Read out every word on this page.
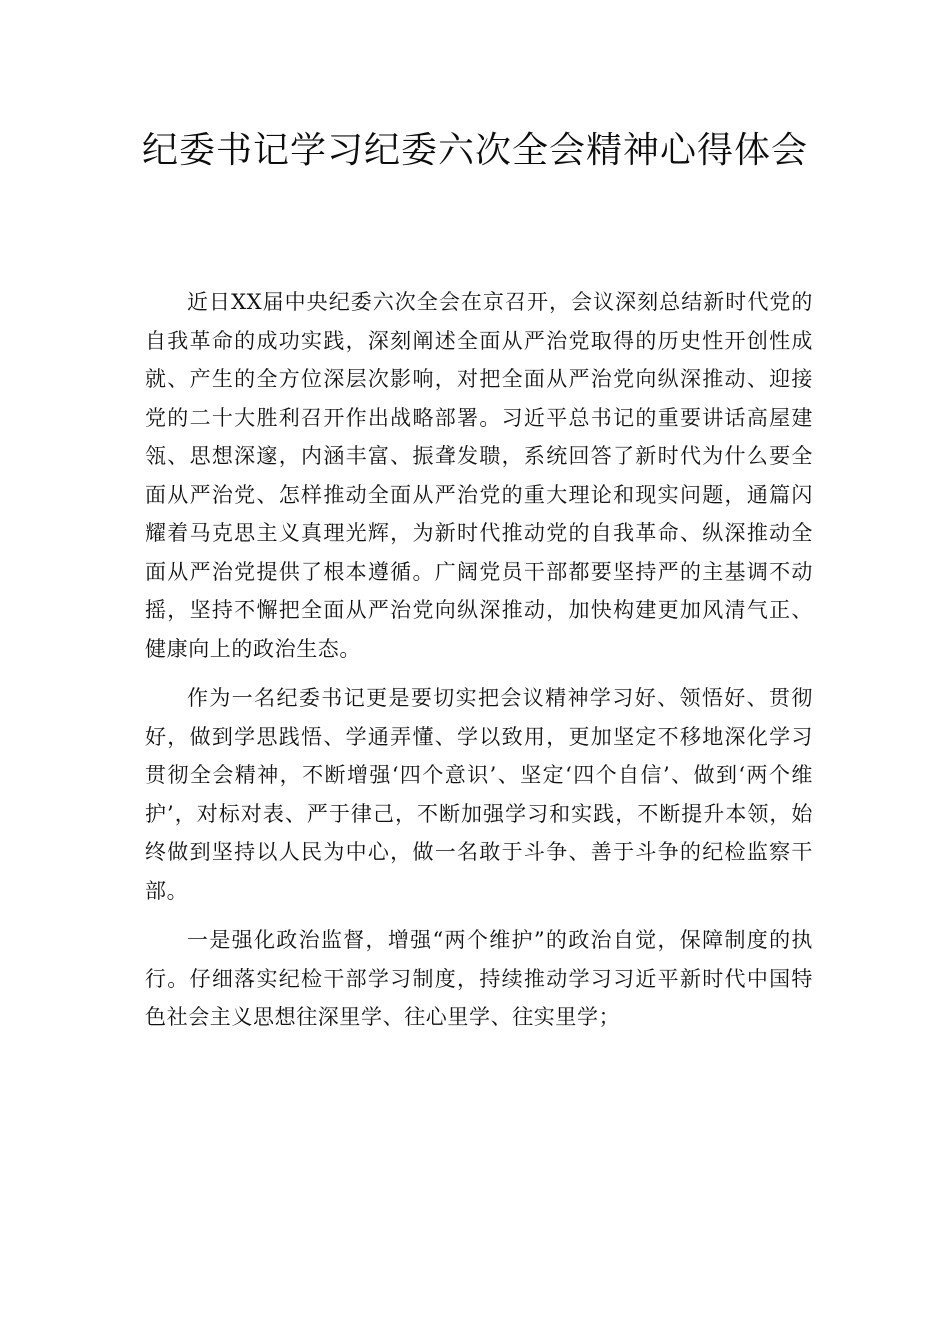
纪委书记学习纪委六次全会精神心得体会

近日XX届中央纪委六次全会在京召开，会议深刻总结新时代党的自我革命的成功实践，深刻阐述全面从严治党取得的历史性开创性成就、产生的全方位深层次影响，对把全面从严治党向纵深推动、迎接党的二十大胜利召开作出战略部署。习近平总书记的重要讲话高屋建瓴、思想深邃，内涵丰富、振聋发聩，系统回答了新时代为什么要全面从严治党、怎样推动全面从严治党的重大理论和现实问题，通篇闪耀着马克思主义真理光辉，为新时代推动党的自我革命、纵深推动全面从严治党提供了根本遵循。广阔党员干部都要坚持严的主基调不动摇，坚持不懈把全面从严治党向纵深推动，加快构建更加风清气正、健康向上的政治生态。

作为一名纪委书记更是要切实把会议精神学习好、领悟好、贯彻好，做到学思践悟、学通弄懂、学以致用，更加坚定不移地深化学习贯彻全会精神，不断增强‘四个意识’、坚定‘四个自信’、做到‘两个维护’，对标对表、严于律己，不断加强学习和实践，不断提升本领，始终做到坚持以人民为中心，做一名敢于斗争、善于斗争的纪检监察干部。

一是强化政治监督，增强“两个维护”的政治自觉，保障制度的执行。仔细落实纪检干部学习制度，持续推动学习习近平新时代中国特色社会主义思想往深里学、往心里学、往实里学；
